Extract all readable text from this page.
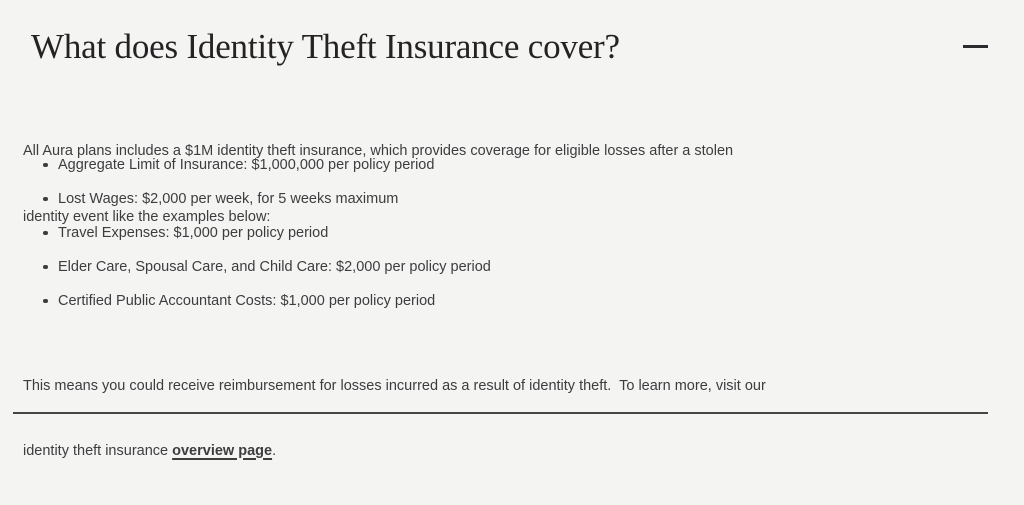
What does Identity Theft Insurance cover?

All Aura plans includes a $1M identity theft insurance, which provides coverage for eligible losses after a stolen

identity event like the examples below:

Aggregate Limit of Insurance: $1,000,000 per policy period
Lost Wages: $2,000 per week, for 5 weeks maximum
Travel Expenses: $1,000 per policy period
Elder Care, Spousal Care, and Child Care: $2,000 per policy period
Certified Public Accountant Costs: $1,000 per policy period

This means you could receive reimbursement for losses incurred as a result of identity theft.  To learn more, visit our

identity theft insurance overview page.
